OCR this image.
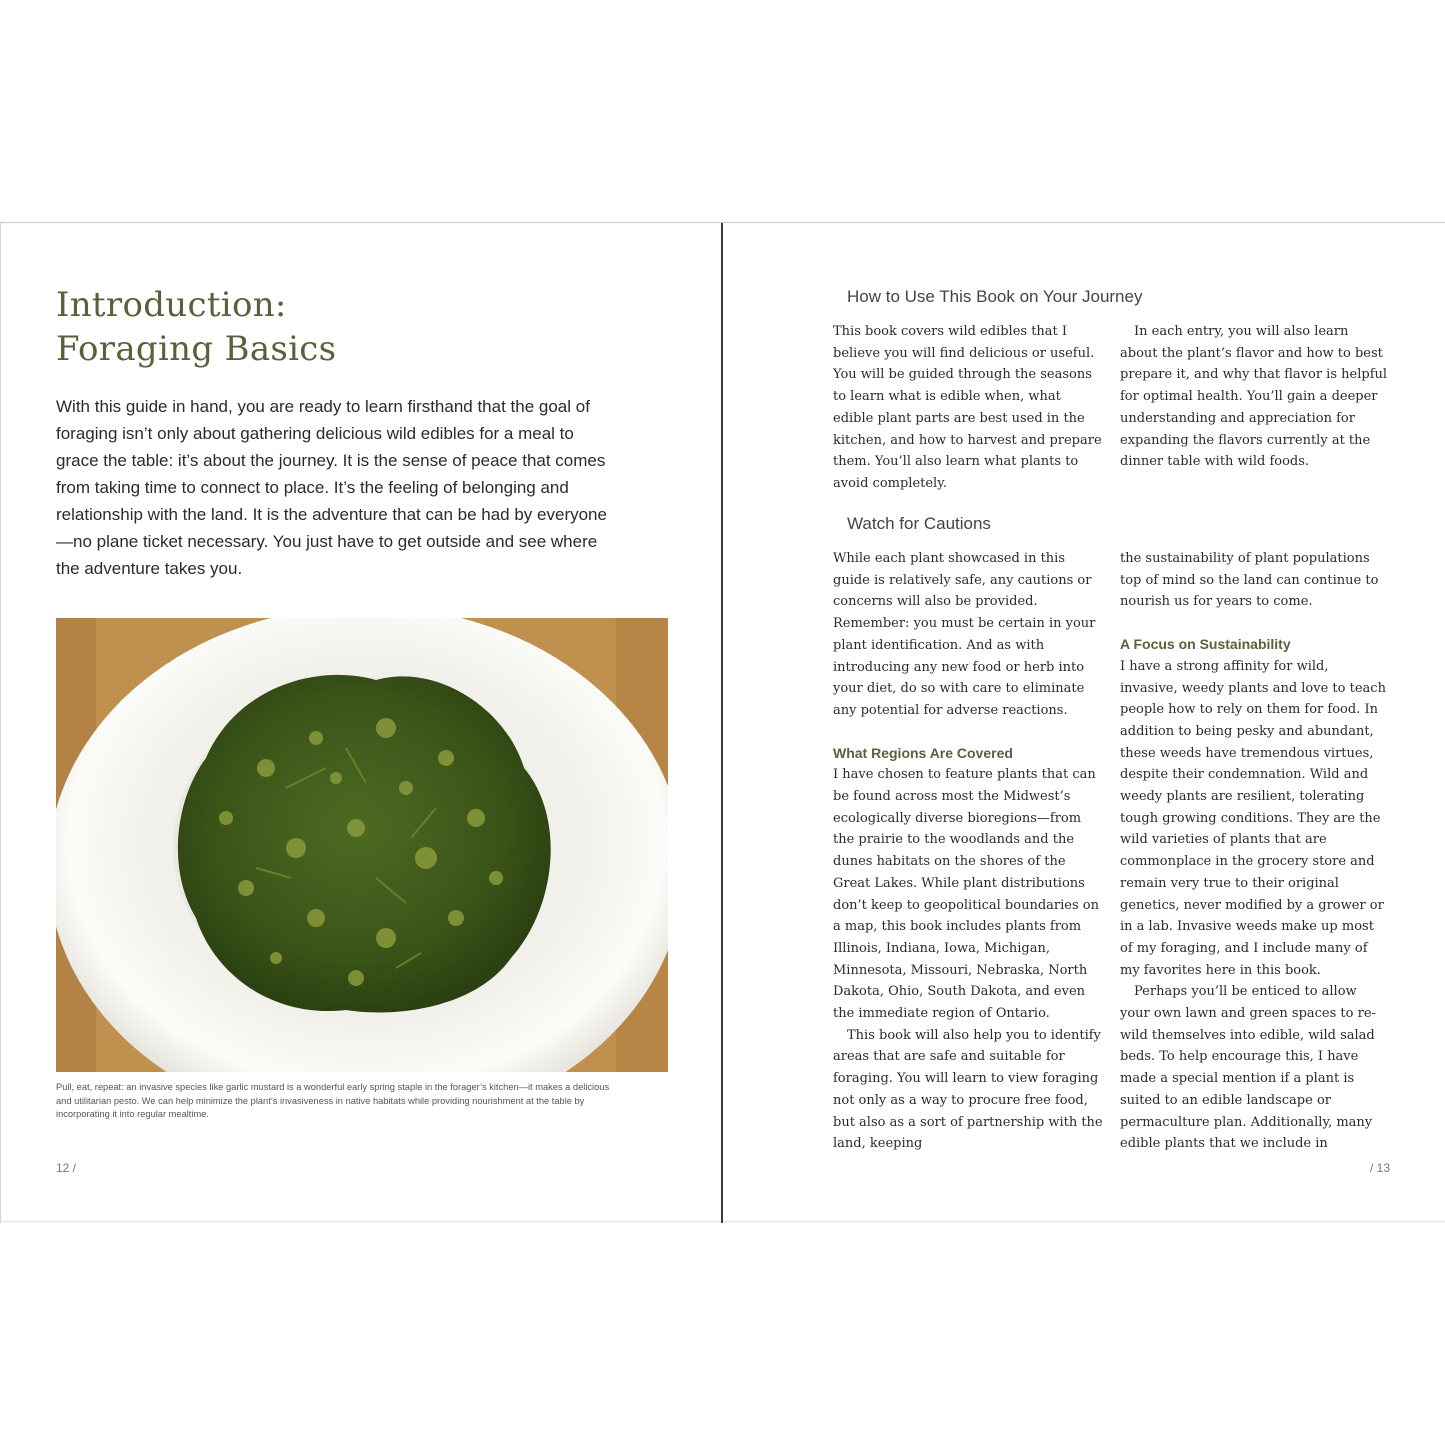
Introduction:
Foraging Basics

With this guide in hand, you are ready to learn firsthand that the goal of foraging isn’t only about gathering delicious wild edibles for a meal to grace the table: it’s about the journey. It is the sense of peace that comes from taking time to connect to place. It’s the feeling of belonging and relationship with the land. It is the adventure that can be had by everyone—no plane ticket necessary. You just have to get outside and see where the adventure takes you.

Pull, eat, repeat: an invasive species like garlic mustard is a wonderful early spring staple in the forager’s kitchen—it makes a delicious and utilitarian pesto. We can help minimize the plant’s invasiveness in native habitats while providing nourishment at the table by incorporating it into regular mealtime.

12 /
How to Use This Book on Your Journey

This book covers wild edibles that I believe you will find delicious or useful. You will be guided through the seasons to learn what is edible when, what edible plant parts are best used in the kitchen, and how to harvest and prepare them. You’ll also learn what plants to avoid completely.

In each entry, you will also learn about the plant’s flavor and how to best prepare it, and why that flavor is helpful for optimal health. You’ll gain a deeper understanding and appreciation for expanding the flavors currently at the dinner table with wild foods.

Watch for Cautions

While each plant showcased in this guide is relatively safe, any cautions or concerns will also be provided. Remember: you must be certain in your plant identification. And as with introducing any new food or herb into your diet, do so with care to eliminate any potential for adverse reactions.

What Regions Are Covered

I have chosen to feature plants that can be found across most the Midwest’s ecologically diverse bioregions—from the prairie to the woodlands and the dunes habitats on the shores of the Great Lakes. While plant distributions don’t keep to geopolitical boundaries on a map, this book includes plants from Illinois, Indiana, Iowa, Michigan, Minnesota, Missouri, Nebraska, North Dakota, Ohio, South Dakota, and even the immediate region of Ontario.

This book will also help you to identify areas that are safe and suitable for foraging. You will learn to view foraging not only as a way to procure free food, but also as a sort of partnership with the land, keeping

the sustainability of plant populations top of mind so the land can continue to nourish us for years to come.

A Focus on Sustainability

I have a strong affinity for wild, invasive, weedy plants and love to teach people how to rely on them for food. In addition to being pesky and abundant, these weeds have tremendous virtues, despite their condemnation. Wild and weedy plants are resilient, tolerating tough growing conditions. They are the wild varieties of plants that are commonplace in the grocery store and remain very true to their original genetics, never modified by a grower or in a lab. Invasive weeds make up most of my foraging, and I include many of my favorites here in this book.

Perhaps you’ll be enticed to allow your own lawn and green spaces to re-wild themselves into edible, wild salad beds. To help encourage this, I have made a special mention if a plant is suited to an edible landscape or permaculture plan. Additionally, many edible plants that we include in

/ 13
